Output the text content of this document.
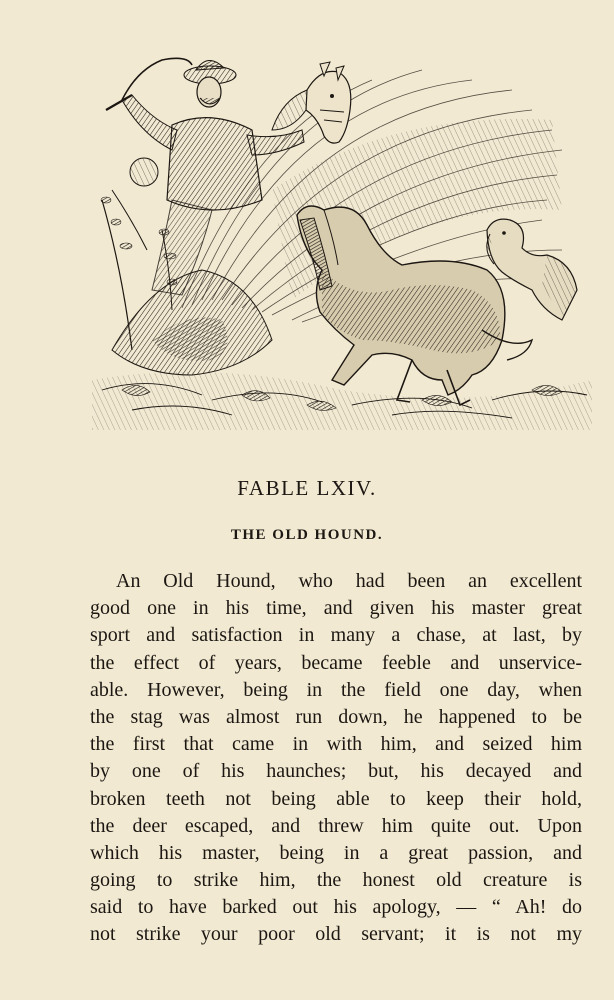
FABLE LXIV.
THE OLD HOUND.
An Old Hound, who had been an excellent
good one in his time, and given his master great
sport and satisfaction in many a chase, at last, by
the effect of years, became feeble and unservice-
able. However, being in the field one day, when
the stag was almost run down, he happened to be
the first that came in with him, and seized him
by one of his haunches; but, his decayed and
broken teeth not being able to keep their hold,
the deer escaped, and threw him quite out. Upon
which his master, being in a great passion, and
going to strike him, the honest old creature is
said to have barked out his apology, — “ Ah! do
not strike your poor old servant; it is not my
